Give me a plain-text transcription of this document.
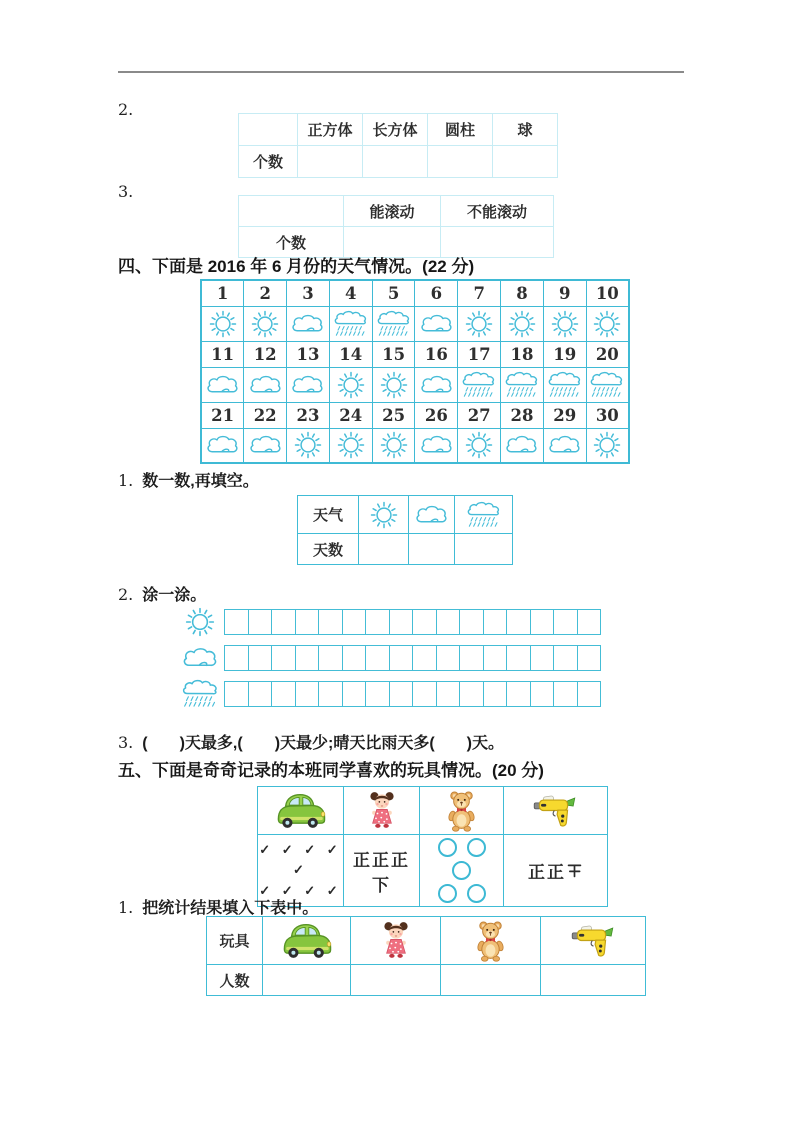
2.
	正方体	长方体	圆柱	球
个数				
3.
	能滚动	不能滚动
个数		
四、下面是 2016 年 6 月份的天气情况。(22 分)
1	2	3	4	5	6	7	8	9	10

11	12	13	14	15	16	17	18	19	20

21	22	23	24	25	26	27	28	29	30

1. 数一数,再填空。
天气	

天数			
2. 涂一涂。

3. (　　)天最多,(　　)天最少;晴天比雨天多(　　)天。
五、下面是奇奇记录的本班同学喜欢的玩具情况。(20 分)

✓ ✓ ✓ ✓ ✓
✓ ✓ ✓ ✓	正正正下		正正
1. 把统计结果填入下表中。
玩具	

人数				
